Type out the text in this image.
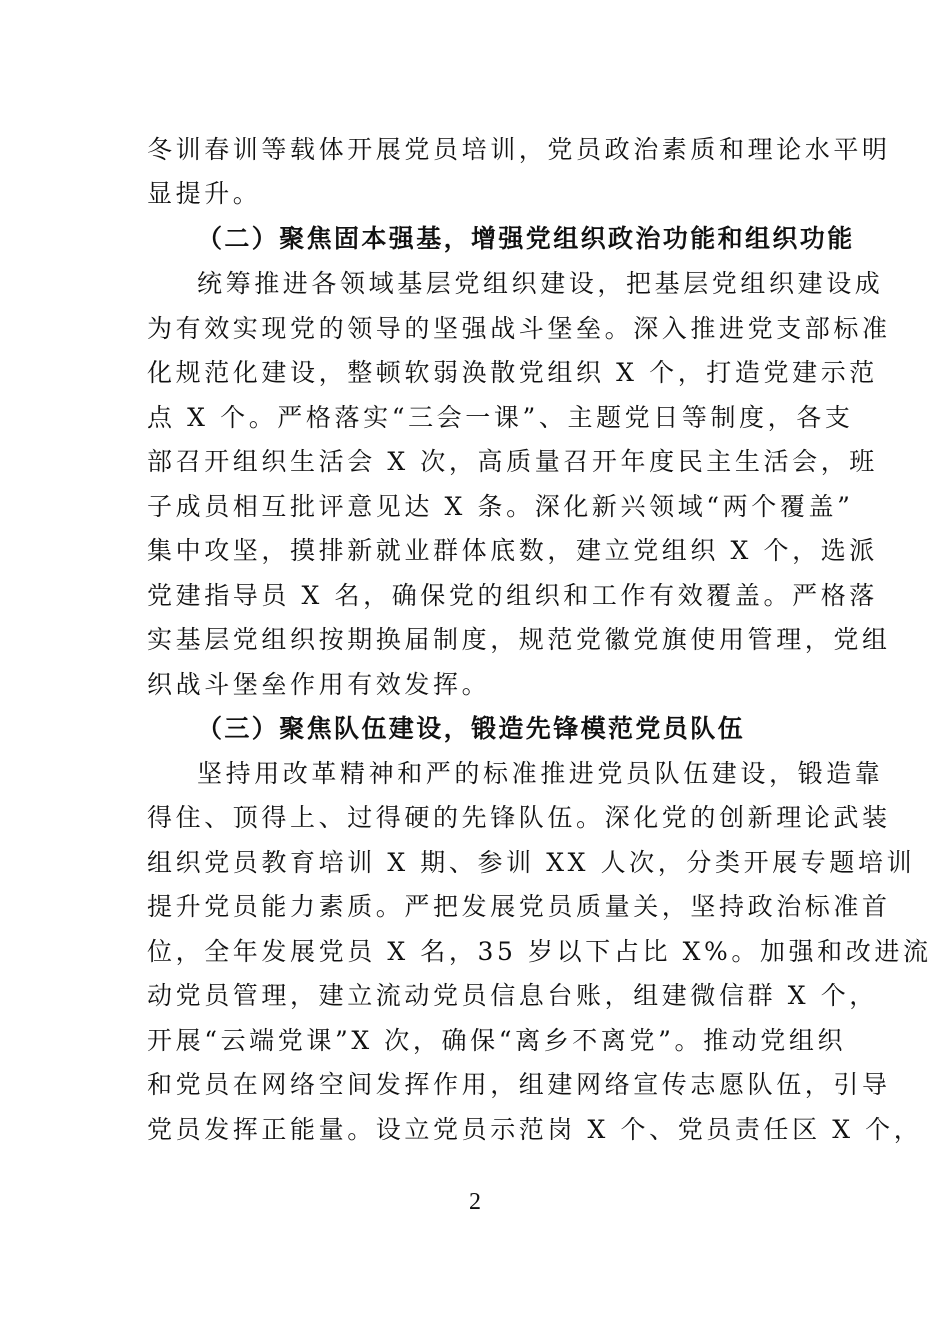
冬训春训等载体开展党员培训，党员政治素质和理论水平明
显提升。
（二）聚焦固本强基，增强党组织政治功能和组织功能
统筹推进各领域基层党组织建设，把基层党组织建设成
为有效实现党的领导的坚强战斗堡垒。深入推进党支部标准
化规范化建设，整顿软弱涣散党组织 X 个，打造党建示范
点 X 个。严格落实“三会一课”、主题党日等制度，各支
部召开组织生活会 X 次，高质量召开年度民主生活会，班
子成员相互批评意见达 X 条。深化新兴领域“两个覆盖”
集中攻坚，摸排新就业群体底数，建立党组织 X 个，选派
党建指导员 X 名，确保党的组织和工作有效覆盖。严格落
实基层党组织按期换届制度，规范党徽党旗使用管理，党组
织战斗堡垒作用有效发挥。
（三）聚焦队伍建设，锻造先锋模范党员队伍
坚持用改革精神和严的标准推进党员队伍建设，锻造靠
得住、顶得上、过得硬的先锋队伍。深化党的创新理论武装
组织党员教育培训 X 期、参训 XX 人次，分类开展专题培训
提升党员能力素质。严把发展党员质量关，坚持政治标准首
位，全年发展党员 X 名，35 岁以下占比 X%。加强和改进流
动党员管理，建立流动党员信息台账，组建微信群 X 个，
开展“云端党课”X 次，确保“离乡不离党”。推动党组织
和党员在网络空间发挥作用，组建网络宣传志愿队伍，引导
党员发挥正能量。设立党员示范岗 X 个、党员责任区 X 个，
2
